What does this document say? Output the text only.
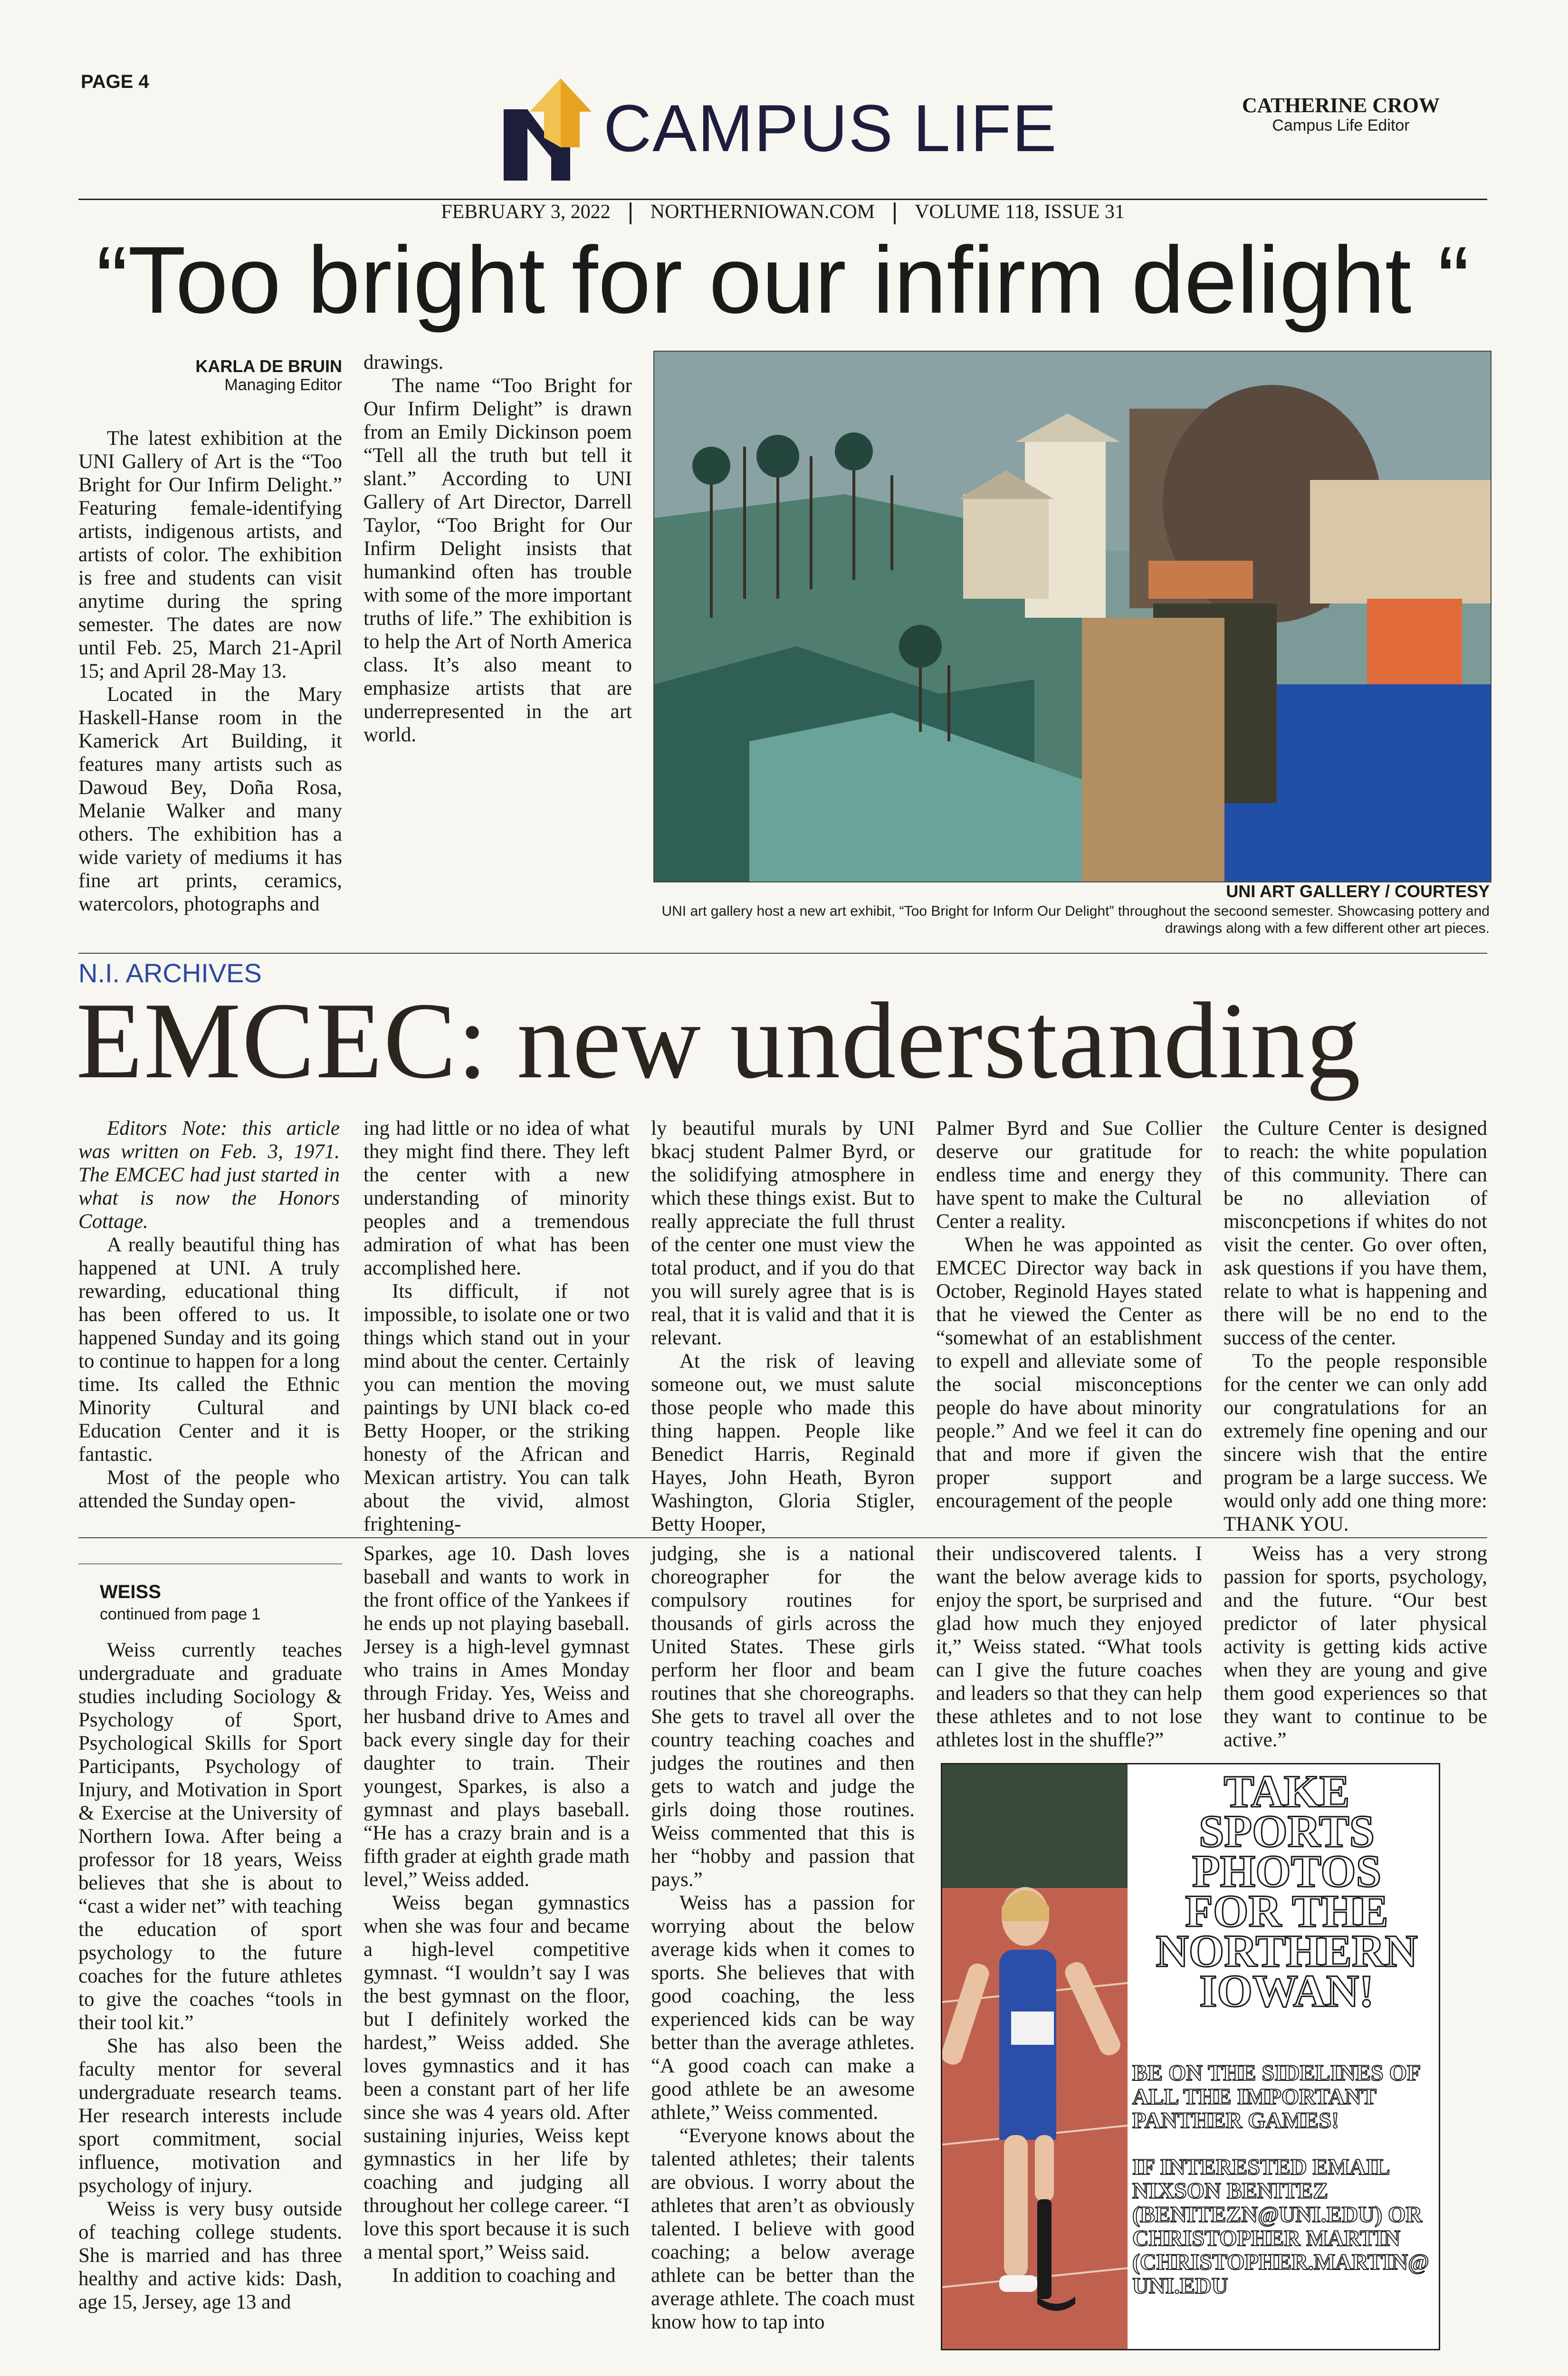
PAGE 4
CAMPUS LIFE	CATHERINE CROW
Campus Life Editor
FEBRUARY 3, 2022 NORTHERNIOWAN.COM VOLUME 118, ISSUE 31
“Too bright for our infirm delight “
KARLA DE BRUIN
Managing Editor

The latest exhibition at the UNI Gallery of Art is the “Too Bright for Our Infirm Delight.” Featuring female-identifying artists, indigenous artists, and artists of color. The exhibition is free and students can visit anytime during the spring semester. The dates are now until Feb. 25, March 21-April 15; and April 28-May 13.

Located in the Mary Haskell-Hanse room in the Kamerick Art Building, it features many artists such as Dawoud Bey, Doña Rosa, Melanie Walker and many others. The exhibition has a wide variety of mediums it has fine art prints, ceramics, watercolors, photographs and

drawings.

The name “Too Bright for Our Infirm Delight” is drawn from an Emily Dickinson poem “Tell all the truth but tell it slant.” According to UNI Gallery of Art Director, Darrell Taylor, “Too Bright for Our Infirm Delight insists that humankind often has trouble with some of the more important truths of life.” The exhibition is to help the Art of North America class. It’s also meant to emphasize artists that are underrepresented in the art world.

UNI ART GALLERY / COURTESY
UNI art gallery host a new art exhibit, “Too Bright for Inform Our Delight” throughout the secoond semester. Showcasing pottery and drawings along with a few different other art pieces.
N.I. ARCHIVES
EMCEC: new understanding

Editors Note: this article was written on Feb. 3, 1971. The EMCEC had just started in what is now the Honors Cottage.

A really beautiful thing has happened at UNI. A truly rewarding, educational thing has been offered to us. It happened Sunday and its going to continue to happen for a long time. Its called the Ethnic Minority Cultural and Education Center and it is fantastic.

Most of the people who attended the Sunday open-

ing had little or no idea of what they might find there. They left the center with a new understanding of minority peoples and a tremendous admiration of what has been accomplished here.

Its difficult, if not impossible, to isolate one or two things which stand out in your mind about the center. Certainly you can mention the moving paintings by UNI black co-ed Betty Hooper, or the striking honesty of the African and Mexican artistry. You can talk about the vivid, almost frightening-

ly beautiful murals by UNI bkacj student Palmer Byrd, or the solidifying atmosphere in which these things exist. But to really appreciate the full thrust of the center one must view the total product, and if you do that you will surely agree that is is real, that it is valid and that it is relevant.

At the risk of leaving someone out, we must salute those people who made this thing happen. People like Benedict Harris, Reginald Hayes, John Heath, Byron Washington, Gloria Stigler, Betty Hooper,

Palmer Byrd and Sue Collier deserve our gratitude for endless time and energy they have spent to make the Cultural Center a reality.

When he was appointed as EMCEC Director way back in October, Reginold Hayes stated that he viewed the Center as “somewhat of an establishment to expell and alleviate some of the social misconceptions people do have about minority people.” And we feel it can do that and more if given the proper support and encouragement of the people

the Culture Center is designed to reach: the white population of this community. There can be no alleviation of misconcpetions if whites do not visit the center. Go over often, ask questions if you have them, relate to what is happening and there will be no end to the success of the center.

To the people responsible for the center we can only add our congratulations for an extremely fine opening and our sincere wish that the entire program be a large success. We would only add one thing more: THANK YOU.

WEISS
continued from page 1

Weiss currently teaches undergraduate and graduate studies including Sociology & Psychology of Sport, Psychological Skills for Sport Participants, Psychology of Injury, and Motivation in Sport & Exercise at the University of Northern Iowa. After being a professor for 18 years, Weiss believes that she is about to “cast a wider net” with teaching the education of sport psychology to the future coaches for the future athletes to give the coaches “tools in their tool kit.”

She has also been the faculty mentor for several undergraduate research teams. Her research interests include sport commitment, social influence, motivation and psychology of injury.

Weiss is very busy outside of teaching college students. She is married and has three healthy and active kids: Dash, age 15, Jersey, age 13 and

Sparkes, age 10. Dash loves baseball and wants to work in the front office of the Yankees if he ends up not playing baseball. Jersey is a high-level gymnast who trains in Ames Monday through Friday. Yes, Weiss and her husband drive to Ames and back every single day for their daughter to train. Their youngest, Sparkes, is also a gymnast and plays baseball. “He has a crazy brain and is a fifth grader at eighth grade math level,” Weiss added.

Weiss began gymnastics when she was four and became a high-level competitive gymnast. “I wouldn’t say I was the best gymnast on the floor, but I definitely worked the hardest,” Weiss added. She loves gymnastics and it has been a constant part of her life since she was 4 years old. After sustaining injuries, Weiss kept gymnastics in her life by coaching and judging all throughout her college career. “I love this sport because it is such a mental sport,” Weiss said.

In addition to coaching and

judging, she is a national choreographer for the compulsory routines for thousands of girls across the United States. These girls perform her floor and beam routines that she choreographs. She gets to travel all over the country teaching coaches and judges the routines and then gets to watch and judge the girls doing those routines. Weiss commented that this is her “hobby and passion that pays.”

Weiss has a passion for worrying about the below average kids when it comes to sports. She believes that with good coaching, the less experienced kids can be way better than the average athletes. “A good coach can make a good athlete be an awesome athlete,” Weiss commented.

“Everyone knows about the talented athletes; their talents are obvious. I worry about the athletes that aren’t as obviously talented. I believe with good coaching; a below average athlete can be better than the average athlete. The coach must know how to tap into

their undiscovered talents. I want the below average kids to enjoy the sport, be surprised and glad how much they enjoyed it,” Weiss stated. “What tools can I give the future coaches and leaders so that they can help these athletes and to not lose athletes lost in the shuffle?”

Weiss has a very strong passion for sports, psychology, and the future. “Our best predictor of later physical activity is getting kids active when they are young and give them good experiences so that they want to continue to be active.”

TAKE SPORTS PHOTOS FOR THE NORTHERN IOWAN!

BE ON THE SIDELINES OF ALL THE IMPORTANT PANTHER GAMES!

IF INTERESTED EMAIL NIXSON BENITEZ (BENITEZN@UNI.EDU) OR CHRISTOPHER MARTIN (CHRISTOPHER.MARTIN@ UNI.EDU
